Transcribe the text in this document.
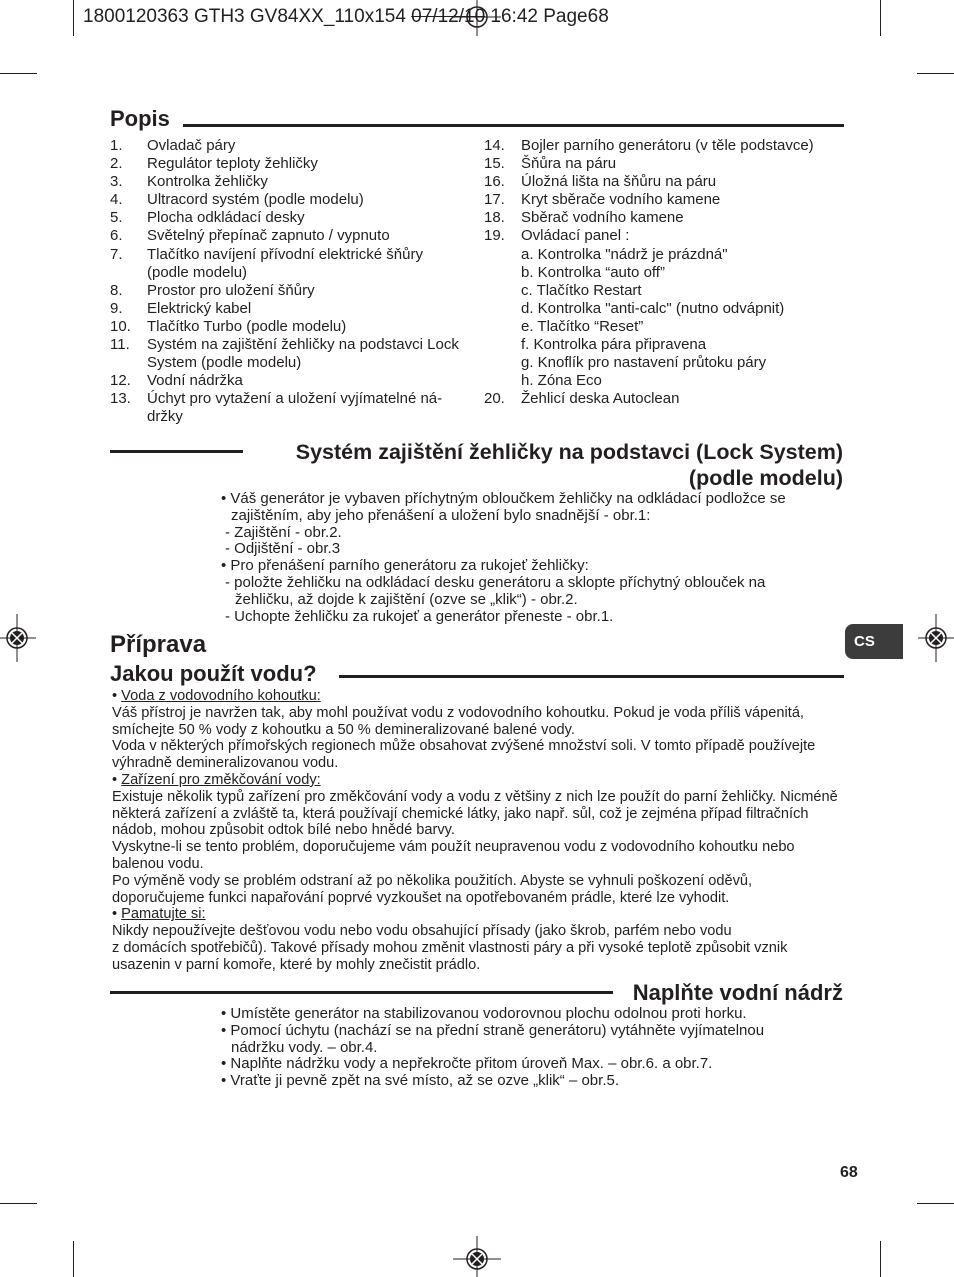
1800120363 GTH3 GV84XX_110x154 07/12/10 16:42 Page68
Popis
1. Ovladač páry
2. Regulátor teploty žehličky
3. Kontrolka žehličky
4. Ultracord systém (podle modelu)
5. Plocha odkládací desky
6. Světelný přepínač zapnuto / vypnuto
7. Tlačítko navíjení přívodní elektrické šňůry (podle modelu)
8. Prostor pro uložení šňůry
9. Elektrický kabel
10. Tlačítko Turbo (podle modelu)
11. Systém na zajištění žehličky na podstavci Lock System (podle modelu)
12. Vodní nádržka
13. Úchyt pro vytažení a uložení vyjímatelné ná-držky
14. Bojler parního generátoru (v těle podstavce)
15. Šňůra na páru
16. Úložná lišta na šňůru na páru
17. Kryt sběrače vodního kamene
18. Sběrač vodního kamene
19. Ovládací panel :
a. Kontrolka "nádrž je prázdná"
b. Kontrolka “auto off”
c. Tlačítko Restart
d. Kontrolka "anti-calc" (nutno odvápnit)
e. Tlačítko “Reset”
f. Kontrolka pára připravena
g. Knoflík pro nastavení průtoku páry
h. Zóna Eco
20. Žehlicí deska Autoclean
Systém zajištění žehličky na podstavci (Lock System)
(podle modelu)

• Váš generátor je vybaven příchytným obloučkem žehličky na odkládací podložce se

zajištěním, aby jeho přenášení a uložení bylo snadnější - obr.1:

- Zajištění - obr.2.

- Odjištění - obr.3

• Pro přenášení parního generátoru za rukojeť žehličky:

- položte žehličku na odkládací desku generátoru a sklopte příchytný oblouček na

žehličku, až dojde k zajištění (ozve se „klik“) - obr.2.

- Uchopte žehličku za rukojeť a generátor přeneste - obr.1.

CS
Příprava
Jakou použít vodu?

• Voda z vodovodního kohoutku:

Váš přístroj je navržen tak, aby mohl používat vodu z vodovodního kohoutku. Pokud je voda příliš vápenitá, smíchejte 50 % vody z kohoutku a 50 % demineralizované balené vody.

Voda v některých přímořských regionech může obsahovat zvýšené množství soli. V tomto případě používejte výhradně demineralizovanou vodu.

• Zařízení pro změkčování vody:

Existuje několik typů zařízení pro změkčování vody a vodu z většiny z nich lze použít do parní žehličky. Nicméně některá zařízení a zvláště ta, která používají chemické látky, jako např. sůl, což je zejména případ filtračních nádob, mohou způsobit odtok bílé nebo hnědé barvy.

Vyskytne-li se tento problém, doporučujeme vám použít neupravenou vodu z vodovodního kohoutku nebo balenou vodu.

Po výměně vody se problém odstraní až po několika použitích. Abyste se vyhnuli poškození oděvů, doporučujeme funkci napařování poprvé vyzkoušet na opotřebovaném prádle, které lze vyhodit.

• Pamatujte si:

Nikdy nepoužívejte dešťovou vodu nebo vodu obsahující přísady (jako škrob, parfém nebo vodu

z domácích spotřebičů). Takové přísady mohou změnit vlastnosti páry a při vysoké teplotě způsobit vznik usazenin v parní komoře, které by mohly znečistit prádlo.

Naplňte vodní nádrž

• Umístěte generátor na stabilizovanou vodorovnou plochu odolnou proti horku.

• Pomocí úchytu (nachází se na přední straně generátoru) vytáhněte vyjímatelnou

nádržku vody. – obr.4.

• Naplňte nádržku vody a nepřekročte přitom úroveň Max. – obr.6. a obr.7.

• Vraťte ji pevně zpět na své místo, až se ozve „klik“ – obr.5.

68
